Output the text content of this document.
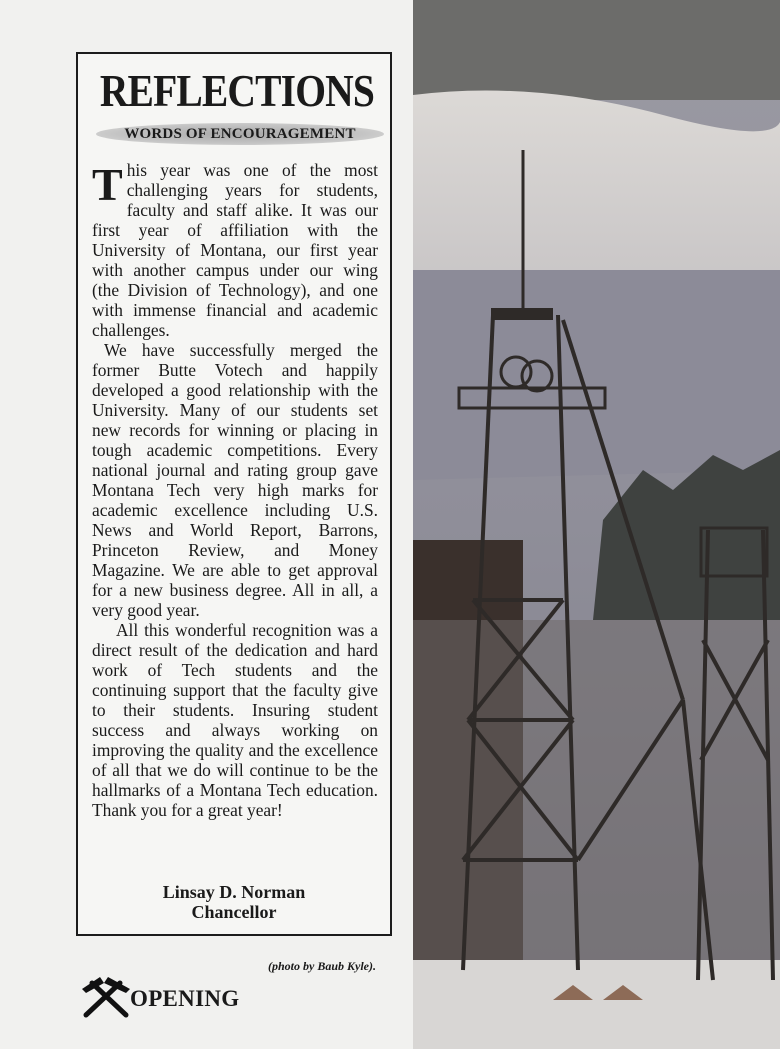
REFLECTIONS
WORDS OF ENCOURAGEMENT

This year was one of the most challenging years for students, faculty and staff alike. It was our first year of affiliation with the University of Montana, our first year with another campus under our wing (the Division of Technology), and one with immense financial and academic challenges.

We have successfully merged the former Butte Votech and happily developed a good relationship with the University. Many of our students set new records for winning or placing in tough academic competitions. Every national journal and rating group gave Montana Tech very high marks for academic excellence including U.S. News and World Report, Barrons, Princeton Review, and Money Magazine. We are able to get approval for a new business degree. All in all, a very good year.

All this wonderful recognition was a direct result of the dedication and hard work of Tech students and the continuing support that the faculty give to their students. Insuring student success and always working on improving the quality and the excellence of all that we do will continue to be the hallmarks of a Montana Tech education. Thank you for a great year!

Linsay D. Norman
Chancellor
(photo by Baub Kyle).
OPENING
